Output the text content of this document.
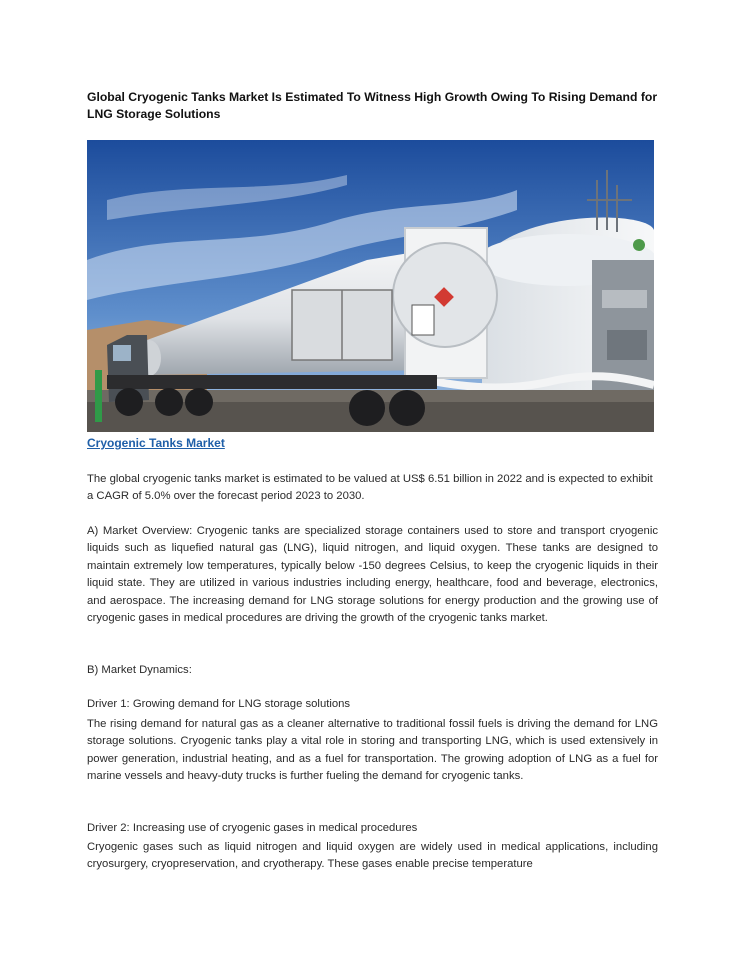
Global Cryogenic Tanks Market Is Estimated To Witness High Growth Owing To Rising Demand for LNG Storage Solutions
Cryogenic Tanks Market
The global cryogenic tanks market is estimated to be valued at US$ 6.51 billion in 2022 and is expected to exhibit a CAGR of 5.0% over the forecast period 2023 to 2030.
A) Market Overview: Cryogenic tanks are specialized storage containers used to store and transport cryogenic liquids such as liquefied natural gas (LNG), liquid nitrogen, and liquid oxygen. These tanks are designed to maintain extremely low temperatures, typically below -150 degrees Celsius, to keep the cryogenic liquids in their liquid state. They are utilized in various industries including energy, healthcare, food and beverage, electronics, and aerospace. The increasing demand for LNG storage solutions for energy production and the growing use of cryogenic gases in medical procedures are driving the growth of the cryogenic tanks market.
B) Market Dynamics:
Driver 1: Growing demand for LNG storage solutions
The rising demand for natural gas as a cleaner alternative to traditional fossil fuels is driving the demand for LNG storage solutions. Cryogenic tanks play a vital role in storing and transporting LNG, which is used extensively in power generation, industrial heating, and as a fuel for transportation. The growing adoption of LNG as a fuel for marine vessels and heavy-duty trucks is further fueling the demand for cryogenic tanks.
Driver 2: Increasing use of cryogenic gases in medical procedures
Cryogenic gases such as liquid nitrogen and liquid oxygen are widely used in medical applications, including cryosurgery, cryopreservation, and cryotherapy. These gases enable precise temperature
